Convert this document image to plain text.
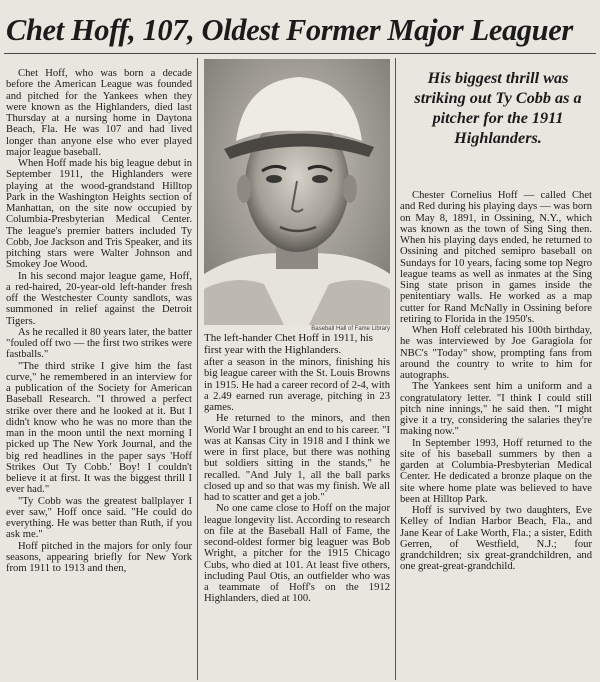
Chet Hoff, 107, Oldest Former Major Leaguer

Chet Hoff, who was born a decade before the American League was founded and pitched for the Yankees when they were known as the Highlanders, died last Thursday at a nursing home in Daytona Beach, Fla. He was 107 and had lived longer than anyone else who ever played major league baseball.

When Hoff made his big league debut in September 1911, the Highlanders were playing at the wood-grandstand Hilltop Park in the Washington Heights section of Manhattan, on the site now occupied by Columbia-Presbyterian Medical Center. The league's premier batters included Ty Cobb, Joe Jackson and Tris Speaker, and its pitching stars were Walter Johnson and Smokey Joe Wood.

In his second major league game, Hoff, a red-haired, 20-year-old left-hander fresh off the Westchester County sandlots, was summoned in relief against the Detroit Tigers.

As he recalled it 80 years later, the batter "fouled off two — the first two strikes were fastballs."

"The third strike I give him the fast curve," he remembered in an interview for a publication of the Society for American Baseball Research. "I throwed a perfect strike over there and he looked at it. But I didn't know who he was no more than the man in the moon until the next morning I picked up The New York Journal, and the big red headlines in the paper says 'Hoff Strikes Out Ty Cobb.' Boy! I couldn't believe it at first. It was the biggest thrill I ever had."

"Ty Cobb was the greatest ballplayer I ever saw," Hoff once said. "He could do everything. He was better than Ruth, if you ask me."

Hoff pitched in the majors for only four seasons, appearing briefly for New York from 1911 to 1913 and then,

Baseball Hall of Fame Library
The left-hander Chet Hoff in 1911, his first year with the Highlanders.

after a season in the minors, finishing his big league career with the St. Louis Browns in 1915. He had a career record of 2-4, with a 2.49 earned run average, pitching in 23 games.

He returned to the minors, and then World War I brought an end to his career. "I was at Kansas City in 1918 and I think we were in first place, but there was nothing but soldiers sitting in the stands," he recalled. "And July 1, all the ball parks closed up and so that was my finish. We all had to scatter and get a job."

No one came close to Hoff on the major league longevity list. According to research on file at the Baseball Hall of Fame, the second-oldest former big leaguer was Bob Wright, a pitcher for the 1915 Chicago Cubs, who died at 101. At least five others, including Paul Otis, an outfielder who was a teammate of Hoff's on the 1912 Highlanders, died at 100.

His biggest thrill was striking out Ty Cobb as a pitcher for the 1911 Highlanders.

Chester Cornelius Hoff — called Chet and Red during his playing days — was born on May 8, 1891, in Ossining, N.Y., which was known as the town of Sing Sing then. When his playing days ended, he returned to Ossining and pitched semipro baseball on Sundays for 10 years, facing some top Negro league teams as well as inmates at the Sing Sing state prison in games inside the penitentiary walls. He worked as a map cutter for Rand McNally in Ossining before retiring to Florida in the 1950's.

When Hoff celebrated his 100th birthday, he was interviewed by Joe Garagiola for NBC's "Today" show, prompting fans from around the country to write to him for autographs.

The Yankees sent him a uniform and a congratulatory letter. "I think I could still pitch nine innings," he said then. "I might give it a try, considering the salaries they're making now."

In September 1993, Hoff returned to the site of his baseball summers by then a garden at Columbia-Presbyterian Medical Center. He dedicated a bronze plaque on the site where home plate was believed to have been at Hilltop Park.

Hoff is survived by two daughters, Eve Kelley of Indian Harbor Beach, Fla., and Jane Kear of Lake Worth, Fla.; a sister, Edith Gerren, of Westfield, N.J.; four grandchildren; six great-grandchildren, and one great-great-grandchild.
